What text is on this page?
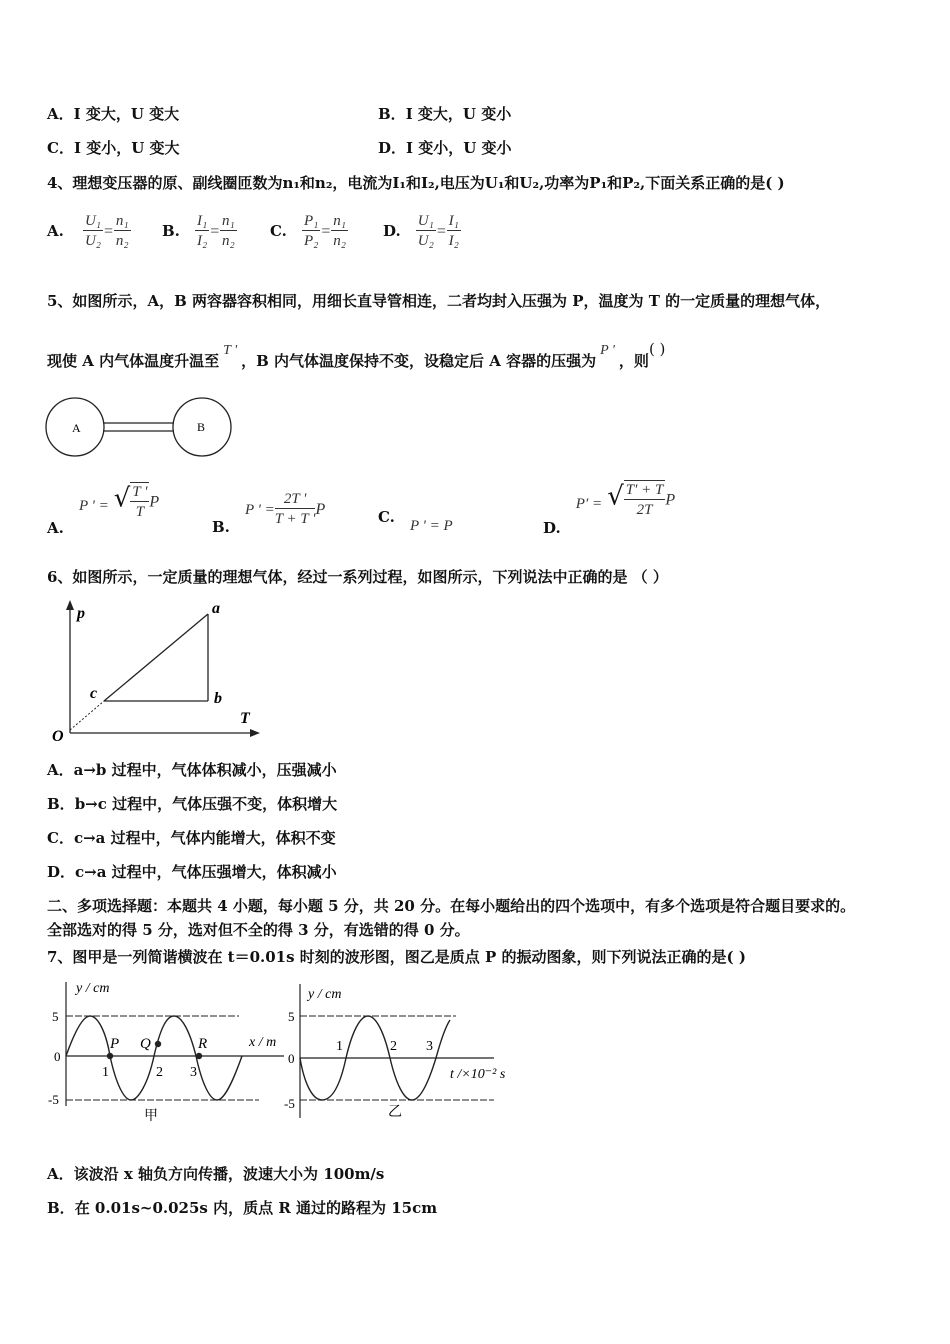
A．I 变大，U 变大	B．I 变大，U 变小
C．I 变小，U 变大	D．I 变小，U 变小
4、理想变压器的原、副线圈匝数为n₁和n₂，电流为I₁和I₂,电压为U₁和U₂,功率为P₁和P₂,下面关系正确的是( )
A. $\frac{\text{U₁}}{\text{U₂}} = \frac{\text{n₁}}{\text{n₂}} B$. $\frac{\text{I₁}}{\text{I₂}} = \frac{\text{n₁}}{\text{n₂}} C$. $\frac{\text{P₁}}{\text{P₂}} = \frac{\text{n₁}}{\text{n₂}} D$. $\frac{\text{U₁}}{\text{U₂}} = \frac{\text{I₁}}{\text{I₂}}$
5、如图所示，A，B 两容器容积相同，用细长直导管相连，二者均封入压强为 P，温度为 T 的一定质量的理想气体，
现使 A 内气体温度升温至T '，B 内气体温度保持不变，设稳定后 A 容器的压强为P '，则( )
A	B
A. P ' = √ $\frac{T '}{T}$ P
B. P ' = $\frac{2T '}{T + T '}$ P	C. P ' = P	D. P′ = √ $\frac{T' + T}{2T}$ P
6、如图所示，一定质量的理想气体，经过一系列过程，如图所示，下列说法中正确的是 （ ）
p
T
O
a
b
c
A．a→b 过程中，气体体积减小，压强减小
B．b→c 过程中，气体压强不变，体积增大
C．c→a 过程中，气体内能增大，体积不变
D．c→a 过程中，气体压强增大，体积减小
二、多项选择题：本题共 4 小题，每小题 5 分，共 20 分。在每小题给出的四个选项中，有多个选项是符合题目要求的。
全部选对的得 5 分，选对但不全的得 3 分，有选错的得 0 分。
7、图甲是一列简谐横波在 t＝0.01s 时刻的波形图，图乙是质点 P 的振动图象，则下列说法正确的是( )
y / cm
x / m
5
0
-5
1	2 3
P Q	R
甲
y / cm
t /×10⁻² s
5
0
-5
1	2 3
乙
A．该波沿 x 轴负方向传播，波速大小为 100m/s
B．在 0.01s~0.025s 内，质点 R 通过的路程为 15cm
